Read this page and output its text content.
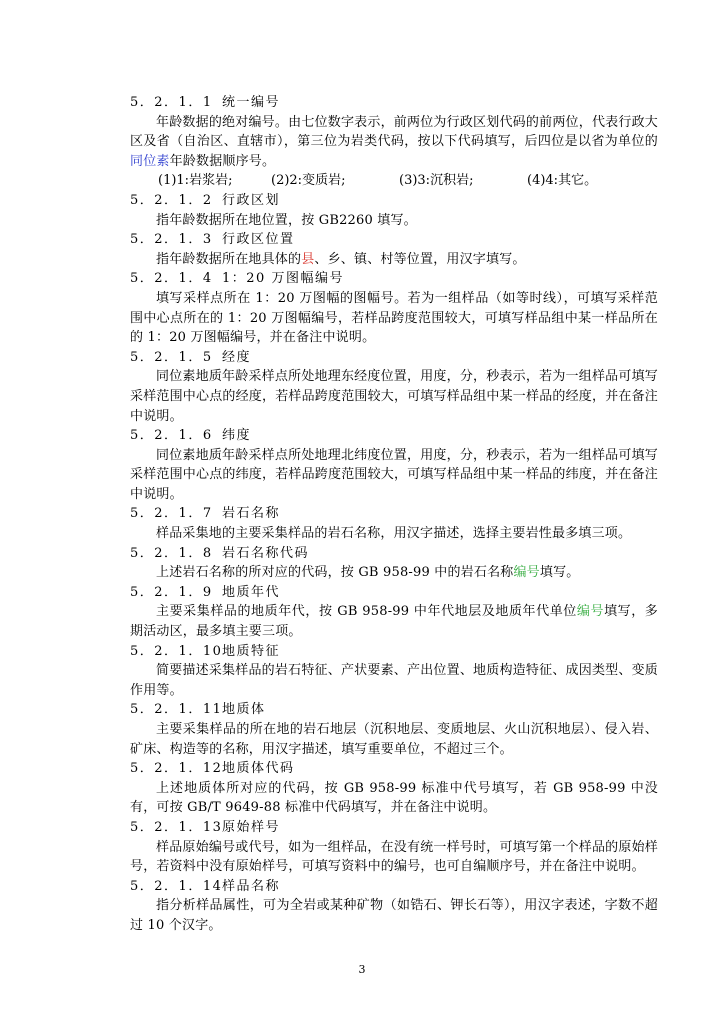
5．2．1．1 统一编号
年龄数据的绝对编号。由七位数字表示，前两位为行政区划代码的前两位，代表行政大区及省（自治区、直辖市），第三位为岩类代码，按以下代码填写，后四位是以省为单位的同位素年龄数据顺序号。
(1)1:岩浆岩;	(2)2:变质岩;	(3)3:沉积岩;	(4)4:其它。
5．2．1．2 行政区划
指年龄数据所在地位置，按 GB2260 填写。
5．2．1．3 行政区位置
指年龄数据所在地具体的县、乡、镇、村等位置，用汉字填写。
5．2．1．4 1：20 万图幅编号
填写采样点所在 1：20 万图幅的图幅号。若为一组样品（如等时线），可填写采样范围中心点所在的 1：20 万图幅编号，若样品跨度范围较大，可填写样品组中某一样品所在的 1：20 万图幅编号，并在备注中说明。
5．2．1．5 经度
同位素地质年龄采样点所处地理东经度位置，用度，分，秒表示，若为一组样品可填写采样范围中心点的经度，若样品跨度范围较大，可填写样品组中某一样品的经度，并在备注中说明。
5．2．1．6 纬度
同位素地质年龄采样点所处地理北纬度位置，用度，分，秒表示，若为一组样品可填写采样范围中心点的纬度，若样品跨度范围较大，可填写样品组中某一样品的纬度，并在备注中说明。
5．2．1．7 岩石名称
样品采集地的主要采集样品的岩石名称，用汉字描述，选择主要岩性最多填三项。
5．2．1．8 岩石名称代码
上述岩石名称的所对应的代码，按 GB 958-99 中的岩石名称编号填写。
5．2．1．9 地质年代
主要采集样品的地质年代，按 GB 958-99 中年代地层及地质年代单位编号填写，多期活动区，最多填主要三项。
5．2．1．10地质特征
简要描述采集样品的岩石特征、产状要素、产出位置、地质构造特征、成因类型、变质作用等。
5．2．1．11地质体
主要采集样品的所在地的岩石地层（沉积地层、变质地层、火山沉积地层）、侵入岩、矿床、构造等的名称，用汉字描述，填写重要单位，不超过三个。
5．2．1．12地质体代码
上述地质体所对应的代码，按 GB 958-99 标准中代号填写，若 GB 958-99 中没有，可按 GB/T 9649-88 标准中代码填写，并在备注中说明。
5．2．1．13原始样号
样品原始编号或代号，如为一组样品，在没有统一样号时，可填写第一个样品的原始样号，若资料中没有原始样号，可填写资料中的编号，也可自编顺序号，并在备注中说明。
5．2．1．14样品名称
指分析样品属性，可为全岩或某种矿物（如锆石、钾长石等），用汉字表述，字数不超过 10 个汉字。
3
